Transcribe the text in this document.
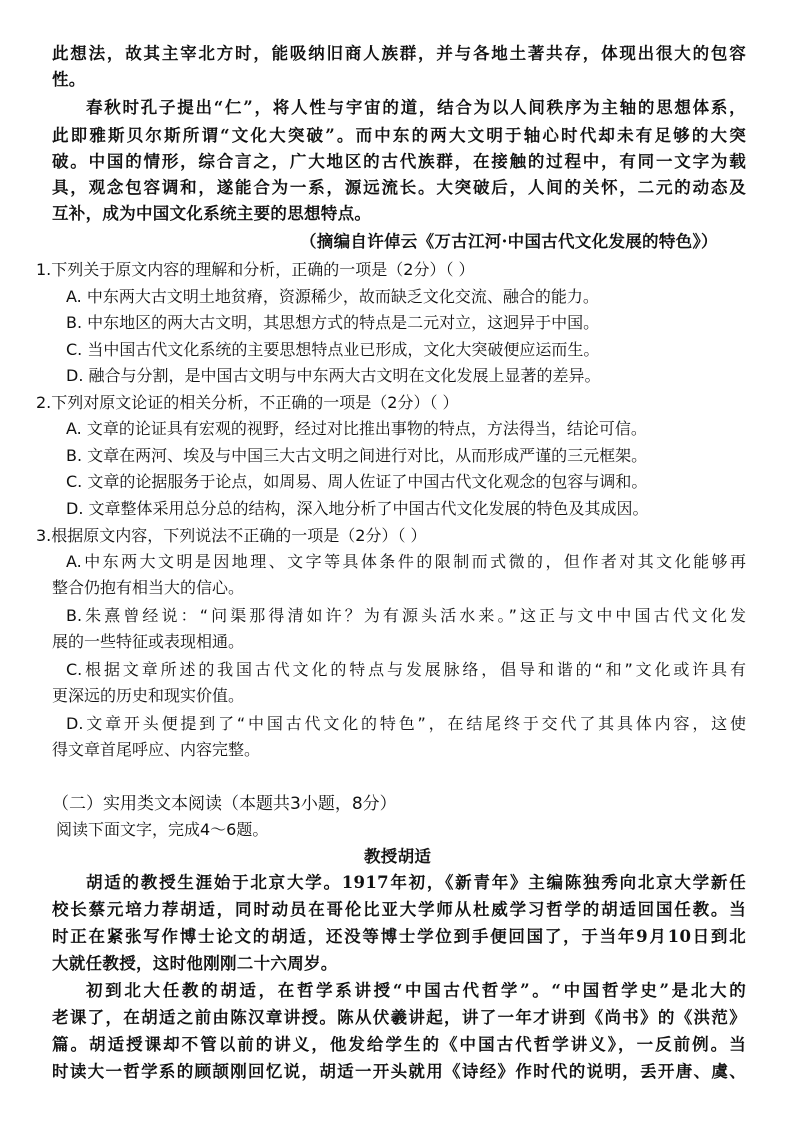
此想法，故其主宰北方时，能吸纳旧商人族群，并与各地土著共存，体现出很大的包容
性。
春秋时孔子提出“仁”，将人性与宇宙的道，结合为以人间秩序为主轴的思想体系，
此即雅斯贝尔斯所谓“文化大突破”。而中东的两大文明于轴心时代却未有足够的大突
破。中国的情形，综合言之，广大地区的古代族群，在接触的过程中，有同一文字为载
具，观念包容调和，遂能合为一系，源远流长。大突破后，人间的关怀，二元的动态及
互补，成为中国文化系统主要的思想特点。
（摘编自许倬云《万古江河·中国古代文化发展的特色》）
1.下列关于原文内容的理解和分析，正确的一项是（2分）（ ）
A. 中东两大古文明土地贫瘠，资源稀少，故而缺乏文化交流、融合的能力。
B. 中东地区的两大古文明，其思想方式的特点是二元对立，这迥异于中国。
C. 当中国古代文化系统的主要思想特点业已形成，文化大突破便应运而生。
D. 融合与分割，是中国古文明与中东两大古文明在文化发展上显著的差异。
2.下列对原文论证的相关分析，不正确的一项是（2分）（ ）
A. 文章的论证具有宏观的视野，经过对比推出事物的特点，方法得当，结论可信。
B. 文章在两河、埃及与中国三大古文明之间进行对比，从而形成严谨的三元框架。
C. 文章的论据服务于论点，如周易、周人佐证了中国古代文化观念的包容与调和。
D. 文章整体采用总分总的结构，深入地分析了中国古代文化发展的特色及其成因。
3.根据原文内容，下列说法不正确的一项是（2分）（ ）
A.中东两大文明是因地理、文字等具体条件的限制而式微的，但作者对其文化能够再
整合仍抱有相当大的信心。
B.朱熹曾经说：“问渠那得清如许？为有源头活水来。”这正与文中中国古代文化发
展的一些特征或表现相通。
C.根据文章所述的我国古代文化的特点与发展脉络，倡导和谐的“和”文化或许具有
更深远的历史和现实价值。
D.文章开头便提到了“中国古代文化的特色”，在结尾终于交代了其具体内容，这使
得文章首尾呼应、内容完整。
（二）实用类文本阅读（本题共3小题，8分）
阅读下面文字，完成4～6题。
教授胡适
胡适的教授生涯始于北京大学。1917年初，《新青年》主编陈独秀向北京大学新任
校长蔡元培力荐胡适，同时动员在哥伦比亚大学师从杜威学习哲学的胡适回国任教。当
时正在紧张写作博士论文的胡适，还没等博士学位到手便回国了，于当年9月10日到北
大就任教授，这时他刚刚二十六周岁。
初到北大任教的胡适，在哲学系讲授“中国古代哲学”。“中国哲学史”是北大的
老课了，在胡适之前由陈汉章讲授。陈从伏羲讲起，讲了一年才讲到《尚书》的《洪范》
篇。胡适授课却不管以前的讲义，他发给学生的《中国古代哲学讲义》，一反前例。当
时读大一哲学系的顾颉刚回忆说，胡适一开头就用《诗经》作时代的说明，丢开唐、虞、
